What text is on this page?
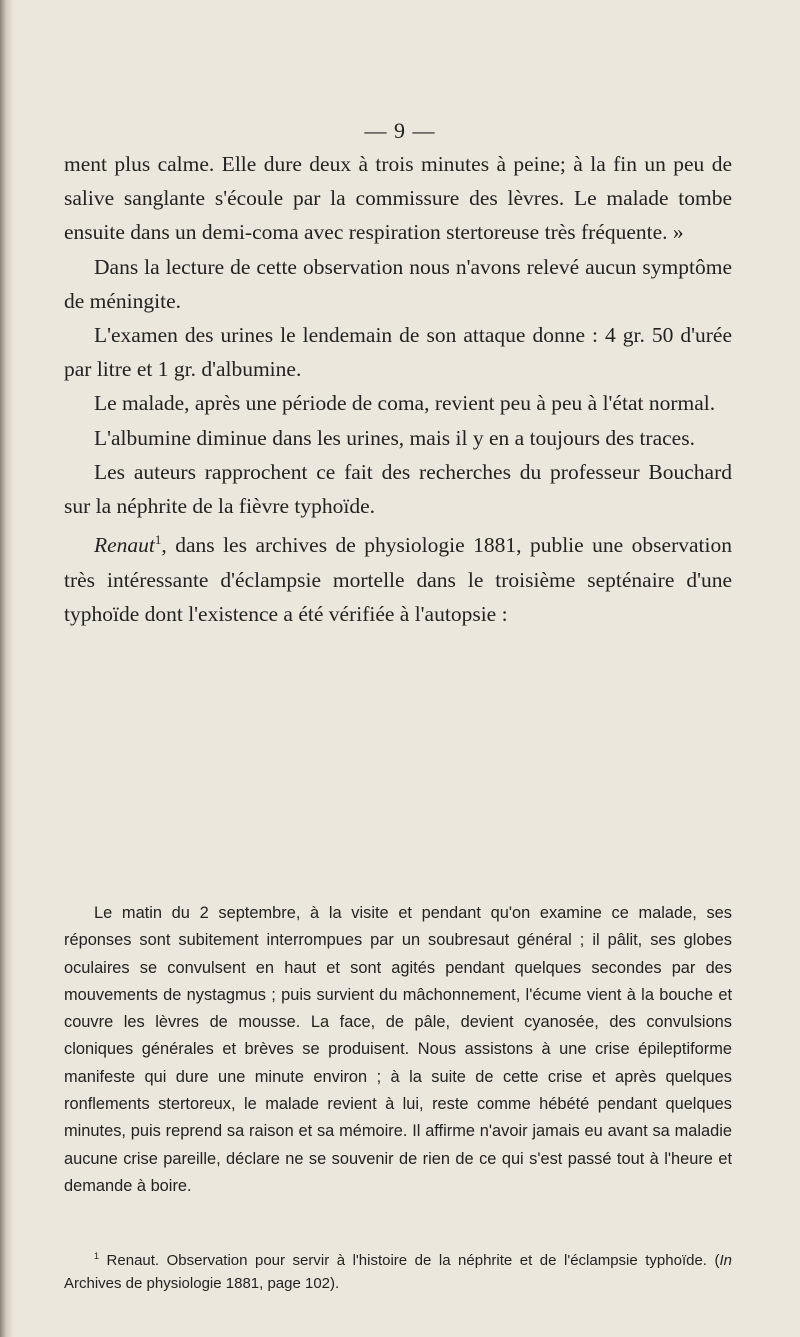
— 9 —

ment plus calme. Elle dure deux à trois minutes à peine; à la fin un peu de salive sanglante s'écoule par la commissure des lèvres. Le malade tombe ensuite dans un demi-coma avec respiration stertoreuse très fréquente. »

Dans la lecture de cette observation nous n'avons relevé aucun symptôme de méningite.

L'examen des urines le lendemain de son attaque donne : 4 gr. 50 d'urée par litre et 1 gr. d'albumine.

Le malade, après une période de coma, revient peu à peu à l'état normal.

L'albumine diminue dans les urines, mais il y en a toujours des traces.

Les auteurs rapprochent ce fait des recherches du professeur Bouchard sur la néphrite de la fièvre typhoïde.

Renaut$^1$, dans les archives de physiologie 1881, publie une observation très intéressante d'éclampsie mortelle dans le troisième septénaire d'une typhoïde dont l'existence a été vérifiée à l'autopsie :

Le matin du 2 septembre, à la visite et pendant qu'on examine ce malade, ses réponses sont subitement interrompues par un soubresaut général ; il pâlit, ses globes oculaires se convulsent en haut et sont agités pendant quelques secondes par des mouvements de nystagmus ; puis survient du mâchonnement, l'écume vient à la bouche et couvre les lèvres de mousse. La face, de pâle, devient cyanosée, des convulsions cloniques générales et brèves se produisent. Nous assistons à une crise épileptiforme manifeste qui dure une minute environ ; à la suite de cette crise et après quelques ronflements stertoreux, le malade revient à lui, reste comme hébété pendant quelques minutes, puis reprend sa raison et sa mémoire. Il affirme n'avoir jamais eu avant sa maladie aucune crise pareille, déclare ne se souvenir de rien de ce qui s'est passé tout à l'heure et demande à boire.

$^1$ Renaut. Observation pour servir à l'histoire de la néphrite et de l'éclampsie typhoïde. (In Archives de physiologie 1881, page 102).
